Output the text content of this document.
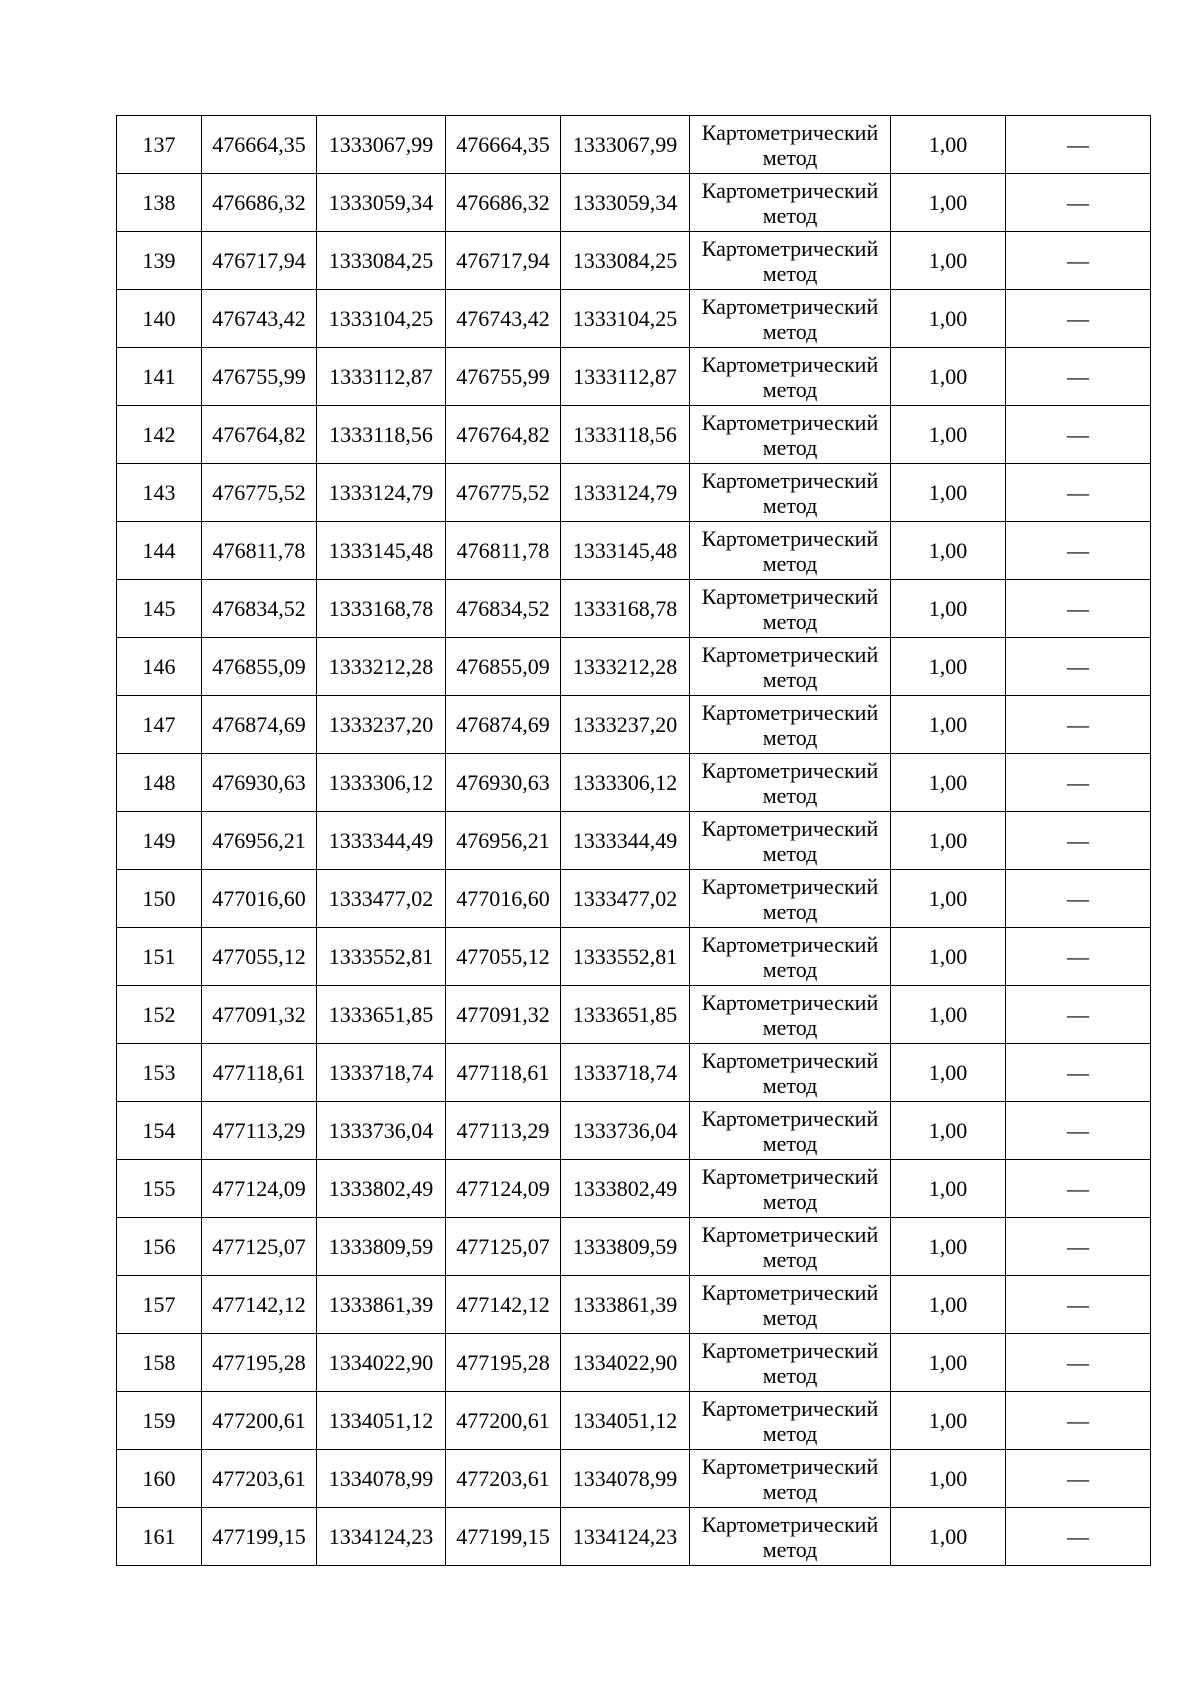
137	476664,35	1333067,99	476664,35	1333067,99	Картометрический метод	1,00	—
138	476686,32	1333059,34	476686,32	1333059,34	Картометрический метод	1,00	—
139	476717,94	1333084,25	476717,94	1333084,25	Картометрический метод	1,00	—
140	476743,42	1333104,25	476743,42	1333104,25	Картометрический метод	1,00	—
141	476755,99	1333112,87	476755,99	1333112,87	Картометрический метод	1,00	—
142	476764,82	1333118,56	476764,82	1333118,56	Картометрический метод	1,00	—
143	476775,52	1333124,79	476775,52	1333124,79	Картометрический метод	1,00	—
144	476811,78	1333145,48	476811,78	1333145,48	Картометрический метод	1,00	—
145	476834,52	1333168,78	476834,52	1333168,78	Картометрический метод	1,00	—
146	476855,09	1333212,28	476855,09	1333212,28	Картометрический метод	1,00	—
147	476874,69	1333237,20	476874,69	1333237,20	Картометрический метод	1,00	—
148	476930,63	1333306,12	476930,63	1333306,12	Картометрический метод	1,00	—
149	476956,21	1333344,49	476956,21	1333344,49	Картометрический метод	1,00	—
150	477016,60	1333477,02	477016,60	1333477,02	Картометрический метод	1,00	—
151	477055,12	1333552,81	477055,12	1333552,81	Картометрический метод	1,00	—
152	477091,32	1333651,85	477091,32	1333651,85	Картометрический метод	1,00	—
153	477118,61	1333718,74	477118,61	1333718,74	Картометрический метод	1,00	—
154	477113,29	1333736,04	477113,29	1333736,04	Картометрический метод	1,00	—
155	477124,09	1333802,49	477124,09	1333802,49	Картометрический метод	1,00	—
156	477125,07	1333809,59	477125,07	1333809,59	Картометрический метод	1,00	—
157	477142,12	1333861,39	477142,12	1333861,39	Картометрический метод	1,00	—
158	477195,28	1334022,90	477195,28	1334022,90	Картометрический метод	1,00	—
159	477200,61	1334051,12	477200,61	1334051,12	Картометрический метод	1,00	—
160	477203,61	1334078,99	477203,61	1334078,99	Картометрический метод	1,00	—
161	477199,15	1334124,23	477199,15	1334124,23	Картометрический метод	1,00	—
